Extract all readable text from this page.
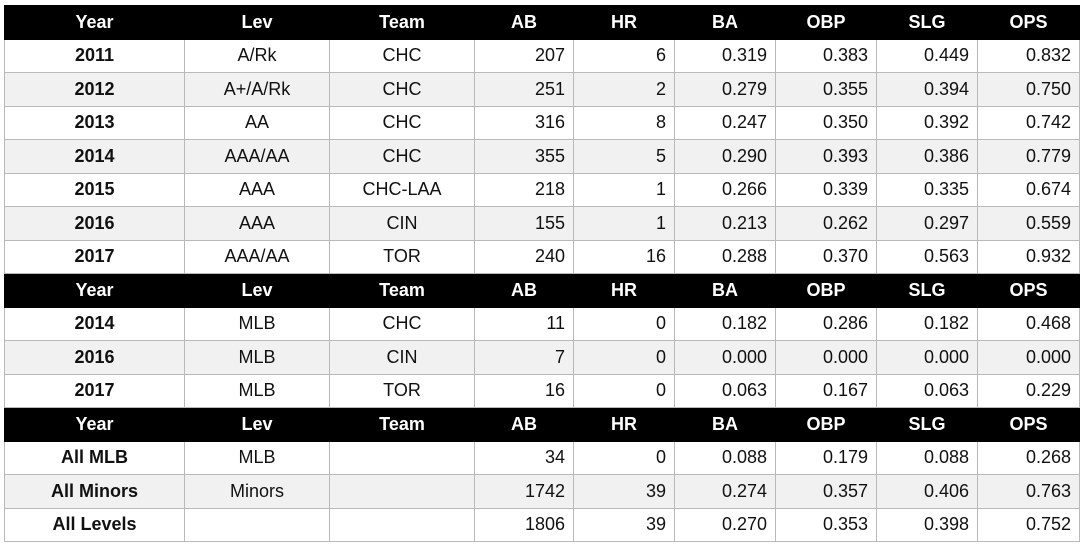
Year	Lev	Team	AB	HR	BA	OBP	SLG	OPS
2011	A/Rk	CHC	207	6	0.319	0.383	0.449	0.832
2012	A+/A/Rk	CHC	251	2	0.279	0.355	0.394	0.750
2013	AA	CHC	316	8	0.247	0.350	0.392	0.742
2014	AAA/AA	CHC	355	5	0.290	0.393	0.386	0.779
2015	AAA	CHC-LAA	218	1	0.266	0.339	0.335	0.674
2016	AAA	CIN	155	1	0.213	0.262	0.297	0.559
2017	AAA/AA	TOR	240	16	0.288	0.370	0.563	0.932
Year	Lev	Team	AB	HR	BA	OBP	SLG	OPS
2014	MLB	CHC	11	0	0.182	0.286	0.182	0.468
2016	MLB	CIN	7	0	0.000	0.000	0.000	0.000
2017	MLB	TOR	16	0	0.063	0.167	0.063	0.229
Year	Lev	Team	AB	HR	BA	OBP	SLG	OPS
All MLB	MLB		34	0	0.088	0.179	0.088	0.268
All Minors	Minors		1742	39	0.274	0.357	0.406	0.763
All Levels			1806	39	0.270	0.353	0.398	0.752
